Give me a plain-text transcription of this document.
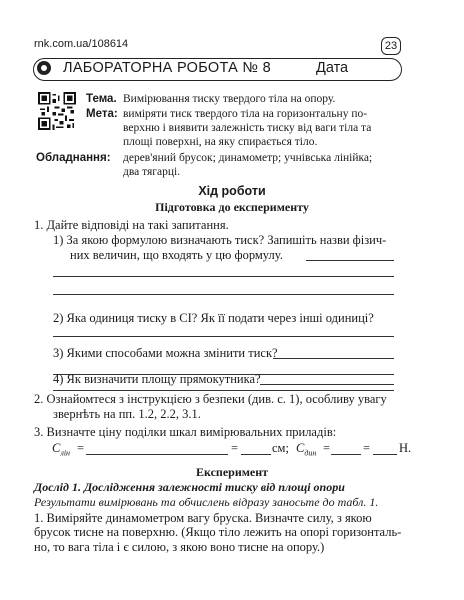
rnk.com.ua/108614	23
ЛАБОРАТОРНА РОБОТА № 8	Дата
Тема. Вимірювання тиску твердого тіла на опору.
Мета: виміряти тиск твердого тіла на горизонтальну по-
верхню і виявити залежність тиску від ваги тіла та
площі поверхні, на яку спирається тіло.
Обладнання: дерев'яний брусок; динамометр; учнівська лінійка;
два тягарці.
Хід роботи
Підготовка до експерименту
1. Дайте відповіді на такі запитання.
1) За якою формулою визначають тиск? Запишіть назви фізич-
них величин, що входять у цю формулу.
2) Яка одиниця тиску в СІ? Як її подати через інші одиниці?
3) Якими способами можна змінити тиск?
4) Як визначити площу прямокутника?
2. Ознайомтеся з інструкцією з безпеки (див. с. 1), особливу увагу
звернѣть на пп. 1.2, 2.2, 3.1.
3. Визначте ціну поділки шкал вимірювальних приладів:
$C_{лін}$ =	=	см; $C_{дин}$ =	= Н.
Експеримент
Дослід 1. Дослідження залежності тиску від площі опори
Результати вимірювань та обчислень відразу заносьте до табл. 1.
1. Виміряйте динамометром вагу бруска. Визначте силу, з якою
брусок тисне на поверхню. (Якщо тіло лежить на опорі горизонталь-
но, то вага тіла і є силою, з якою воно тисне на опору.)
